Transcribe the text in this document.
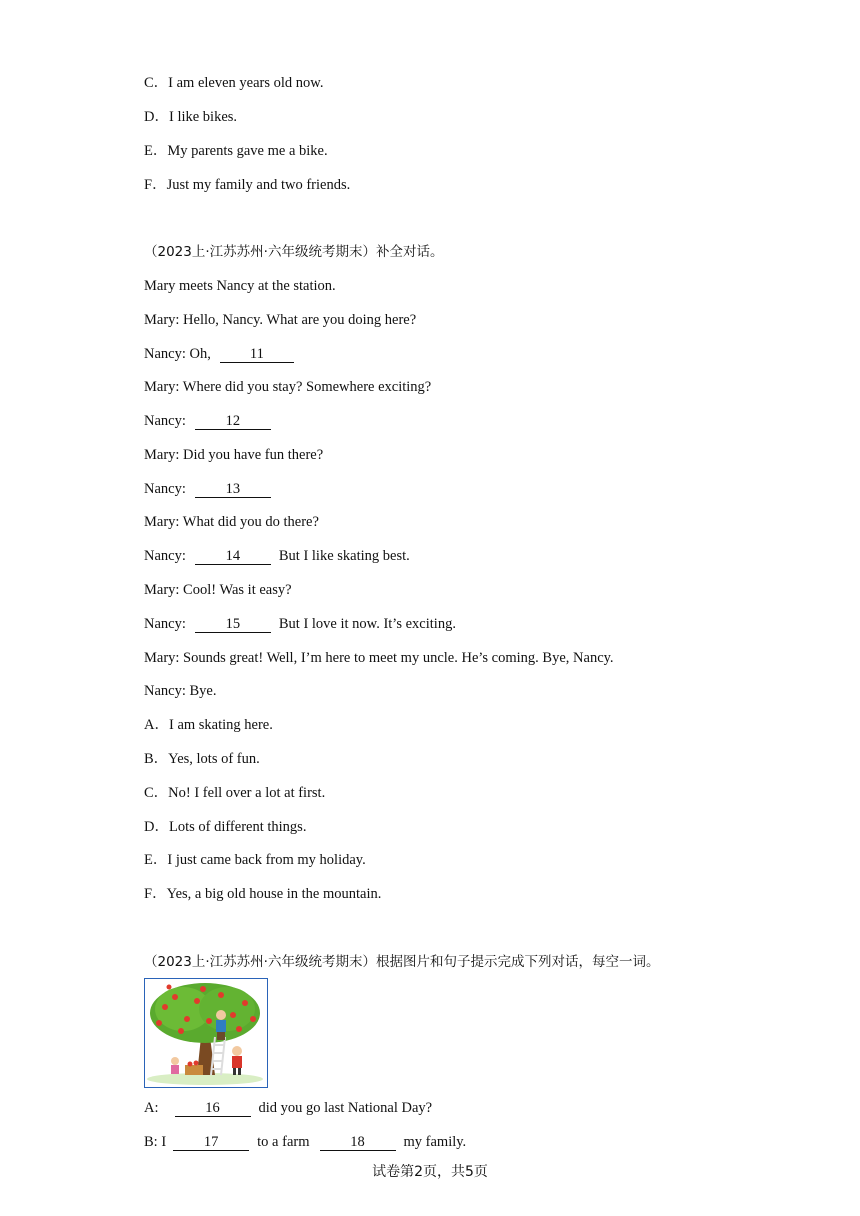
C．I am eleven years old now.
D．I like bikes.
E．My parents gave me a bike.
F．Just my family and two friends.
（2023上·江苏苏州·六年级统考期末）补全对话。
Mary meets Nancy at the station.
Mary: Hello, Nancy. What are you doing here?
Nancy: Oh,	11
Mary: Where did you stay? Somewhere exciting?
Nancy:	12
Mary: Did you have fun there?
Nancy:	13
Mary: What did you do there?
Nancy:	14	But I like skating best.
Mary: Cool! Was it easy?
Nancy:	15	But I love it now. It’s exciting.
Mary: Sounds great! Well, I’m here to meet my uncle. He’s coming. Bye, Nancy.
Nancy: Bye.
A．I am skating here.
B．Yes, lots of fun.
C．No! I fell over a lot at first.
D．Lots of different things.
E．I just came back from my holiday.
F．Yes, a big old house in the mountain.
（2023上·江苏苏州·六年级统考期末）根据图片和句子提示完成下列对话，每空一词。
A:	16	did you go last National Day?
B: I	17	to a farm	18	my family.
试卷第2页，共5页
